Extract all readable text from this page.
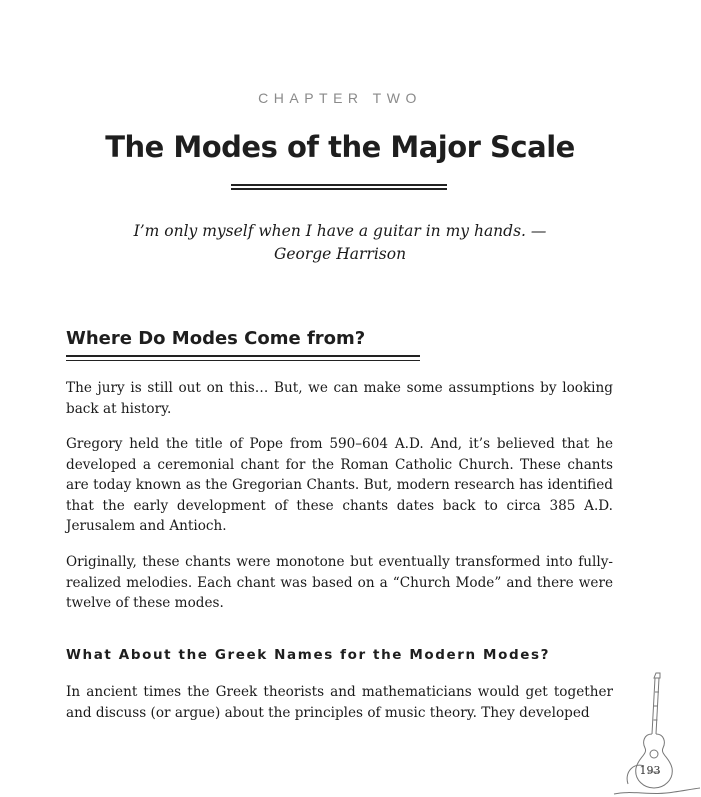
CHAPTER TWO
The Modes of the Major Scale
I’m only myself when I have a guitar in my hands. —
George Harrison
Where Do Modes Come from?

The jury is still out on this… But, we can make some assumptions by looking back at history.

Gregory held the title of Pope from 590–604 A.D. And, it’s believed that he developed a ceremonial chant for the Roman Catholic Church. These chants are today known as the Gregorian Chants. But, modern research has identified that the early development of these chants dates back to circa 385 A.D. Jerusalem and Antioch.

Originally, these chants were monotone but eventually transformed into fully-realized melodies. Each chant was based on a “Church Mode” and there were twelve of these modes.

What About the Greek Names for the Modern Modes?

In ancient times the Greek theorists and mathematicians would get together and discuss (or argue) about the principles of music theory. They developed

193
